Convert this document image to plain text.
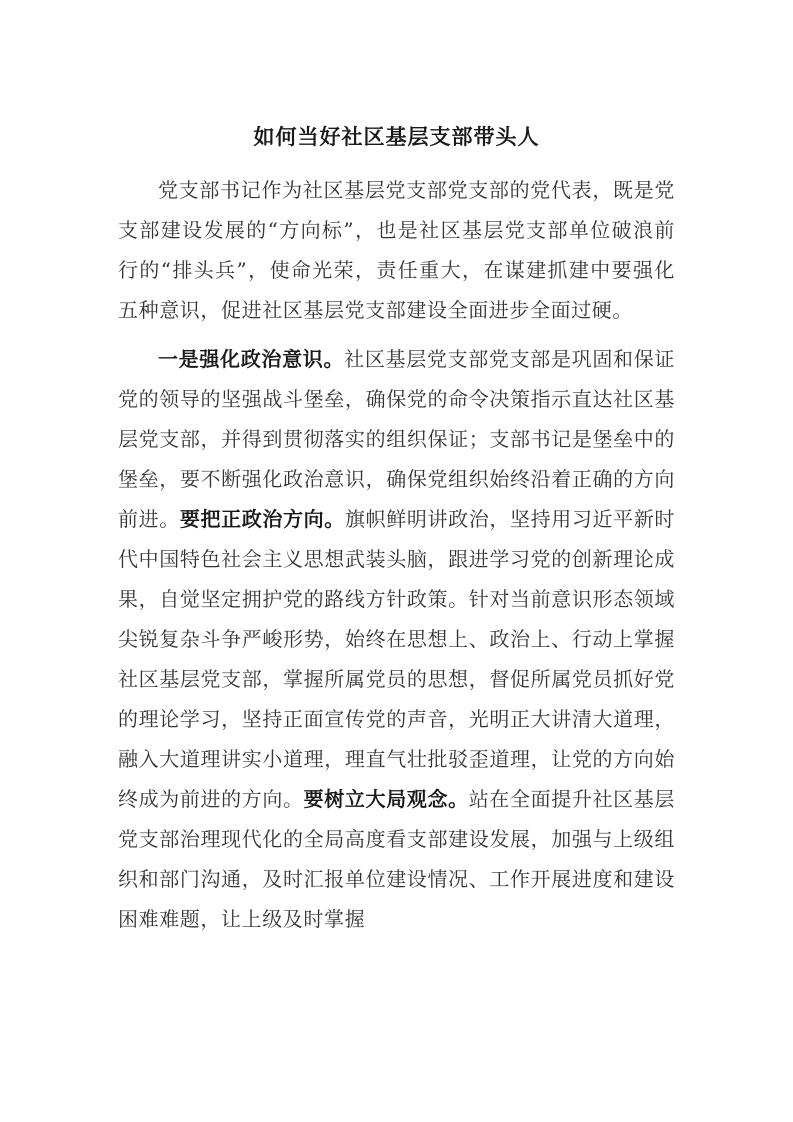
如何当好社区基层支部带头人

党支部书记作为社区基层党支部党支部的党代表，既是党支部建设发展的“方向标”，也是社区基层党支部单位破浪前行的“排头兵”，使命光荣，责任重大，在谋建抓建中要强化五种意识，促进社区基层党支部建设全面进步全面过硬。

一是强化政治意识。社区基层党支部党支部是巩固和保证党的领导的坚强战斗堡垒，确保党的命令决策指示直达社区基层党支部，并得到贯彻落实的组织保证；支部书记是堡垒中的堡垒，要不断强化政治意识，确保党组织始终沿着正确的方向前进。要把正政治方向。旗帜鲜明讲政治，坚持用习近平新时代中国特色社会主义思想武装头脑，跟进学习党的创新理论成果，自觉坚定拥护党的路线方针政策。针对当前意识形态领域尖锐复杂斗争严峻形势，始终在思想上、政治上、行动上掌握社区基层党支部，掌握所属党员的思想，督促所属党员抓好党的理论学习，坚持正面宣传党的声音，光明正大讲清大道理，融入大道理讲实小道理，理直气壮批驳歪道理，让党的方向始终成为前进的方向。要树立大局观念。站在全面提升社区基层党支部治理现代化的全局高度看支部建设发展，加强与上级组织和部门沟通，及时汇报单位建设情况、工作开展进度和建设困难难题，让上级及时掌握
